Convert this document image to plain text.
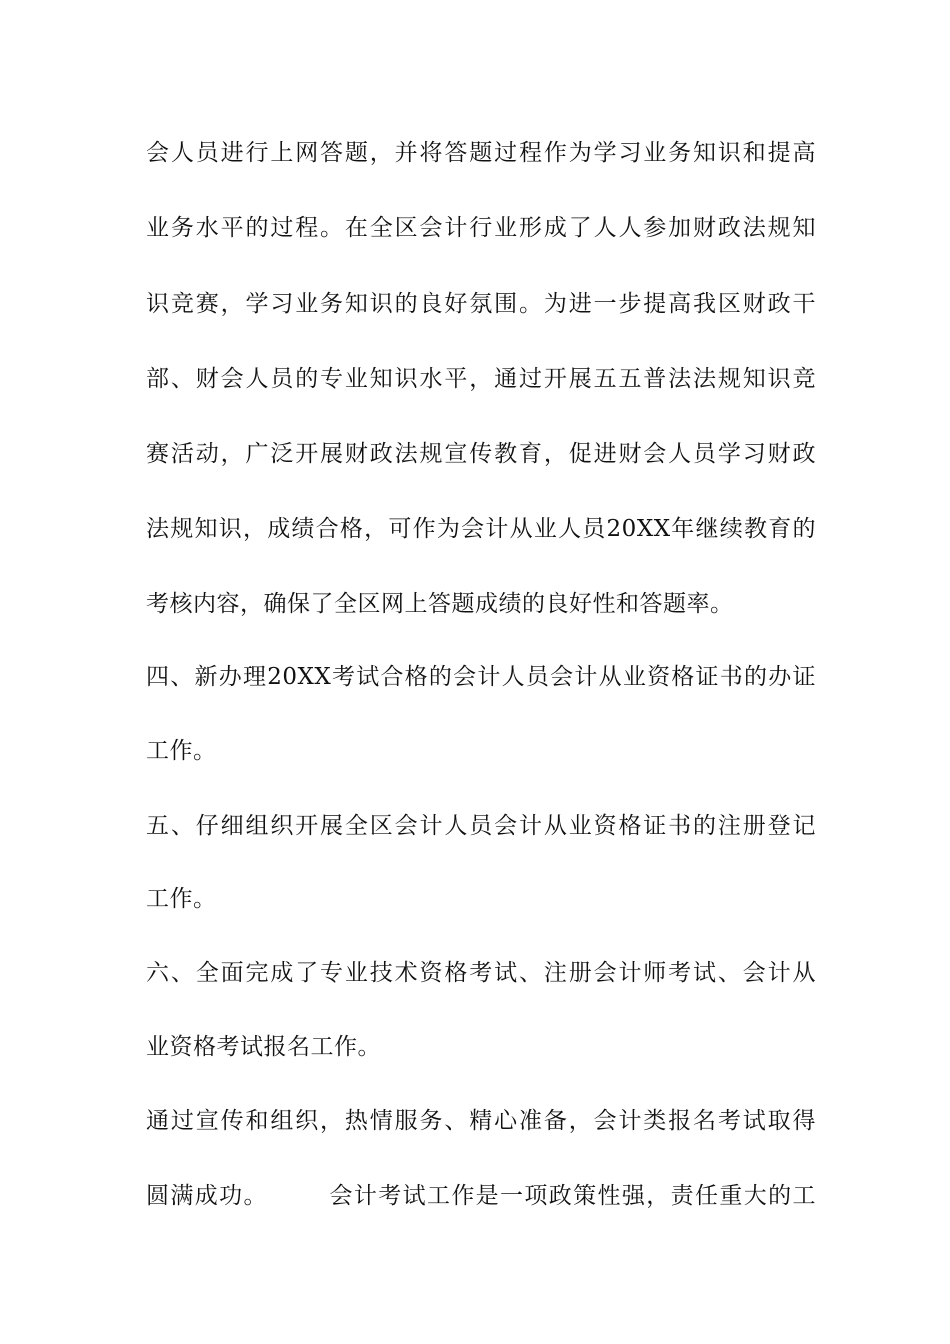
会人员进行上网答题，并将答题过程作为学习业务知识和提高
业务水平的过程。在全区会计行业形成了人人参加财政法规知
识竞赛，学习业务知识的良好氛围。为进一步提高我区财政干
部、财会人员的专业知识水平，通过开展五五普法法规知识竞
赛活动，广泛开展财政法规宣传教育，促进财会人员学习财政
法规知识，成绩合格，可作为会计从业人员20XX年继续教育的
考核内容，确保了全区网上答题成绩的良好性和答题率。
四、新办理20XX考试合格的会计人员会计从业资格证书的办证
工作。
五、仔细组织开展全区会计人员会计从业资格证书的注册登记
工作。
六、全面完成了专业技术资格考试、注册会计师考试、会计从
业资格考试报名工作。
通过宣传和组织，热情服务、精心准备，会计类报名考试取得
圆满成功。　　　会计考试工作是一项政策性强，责任重大的工
